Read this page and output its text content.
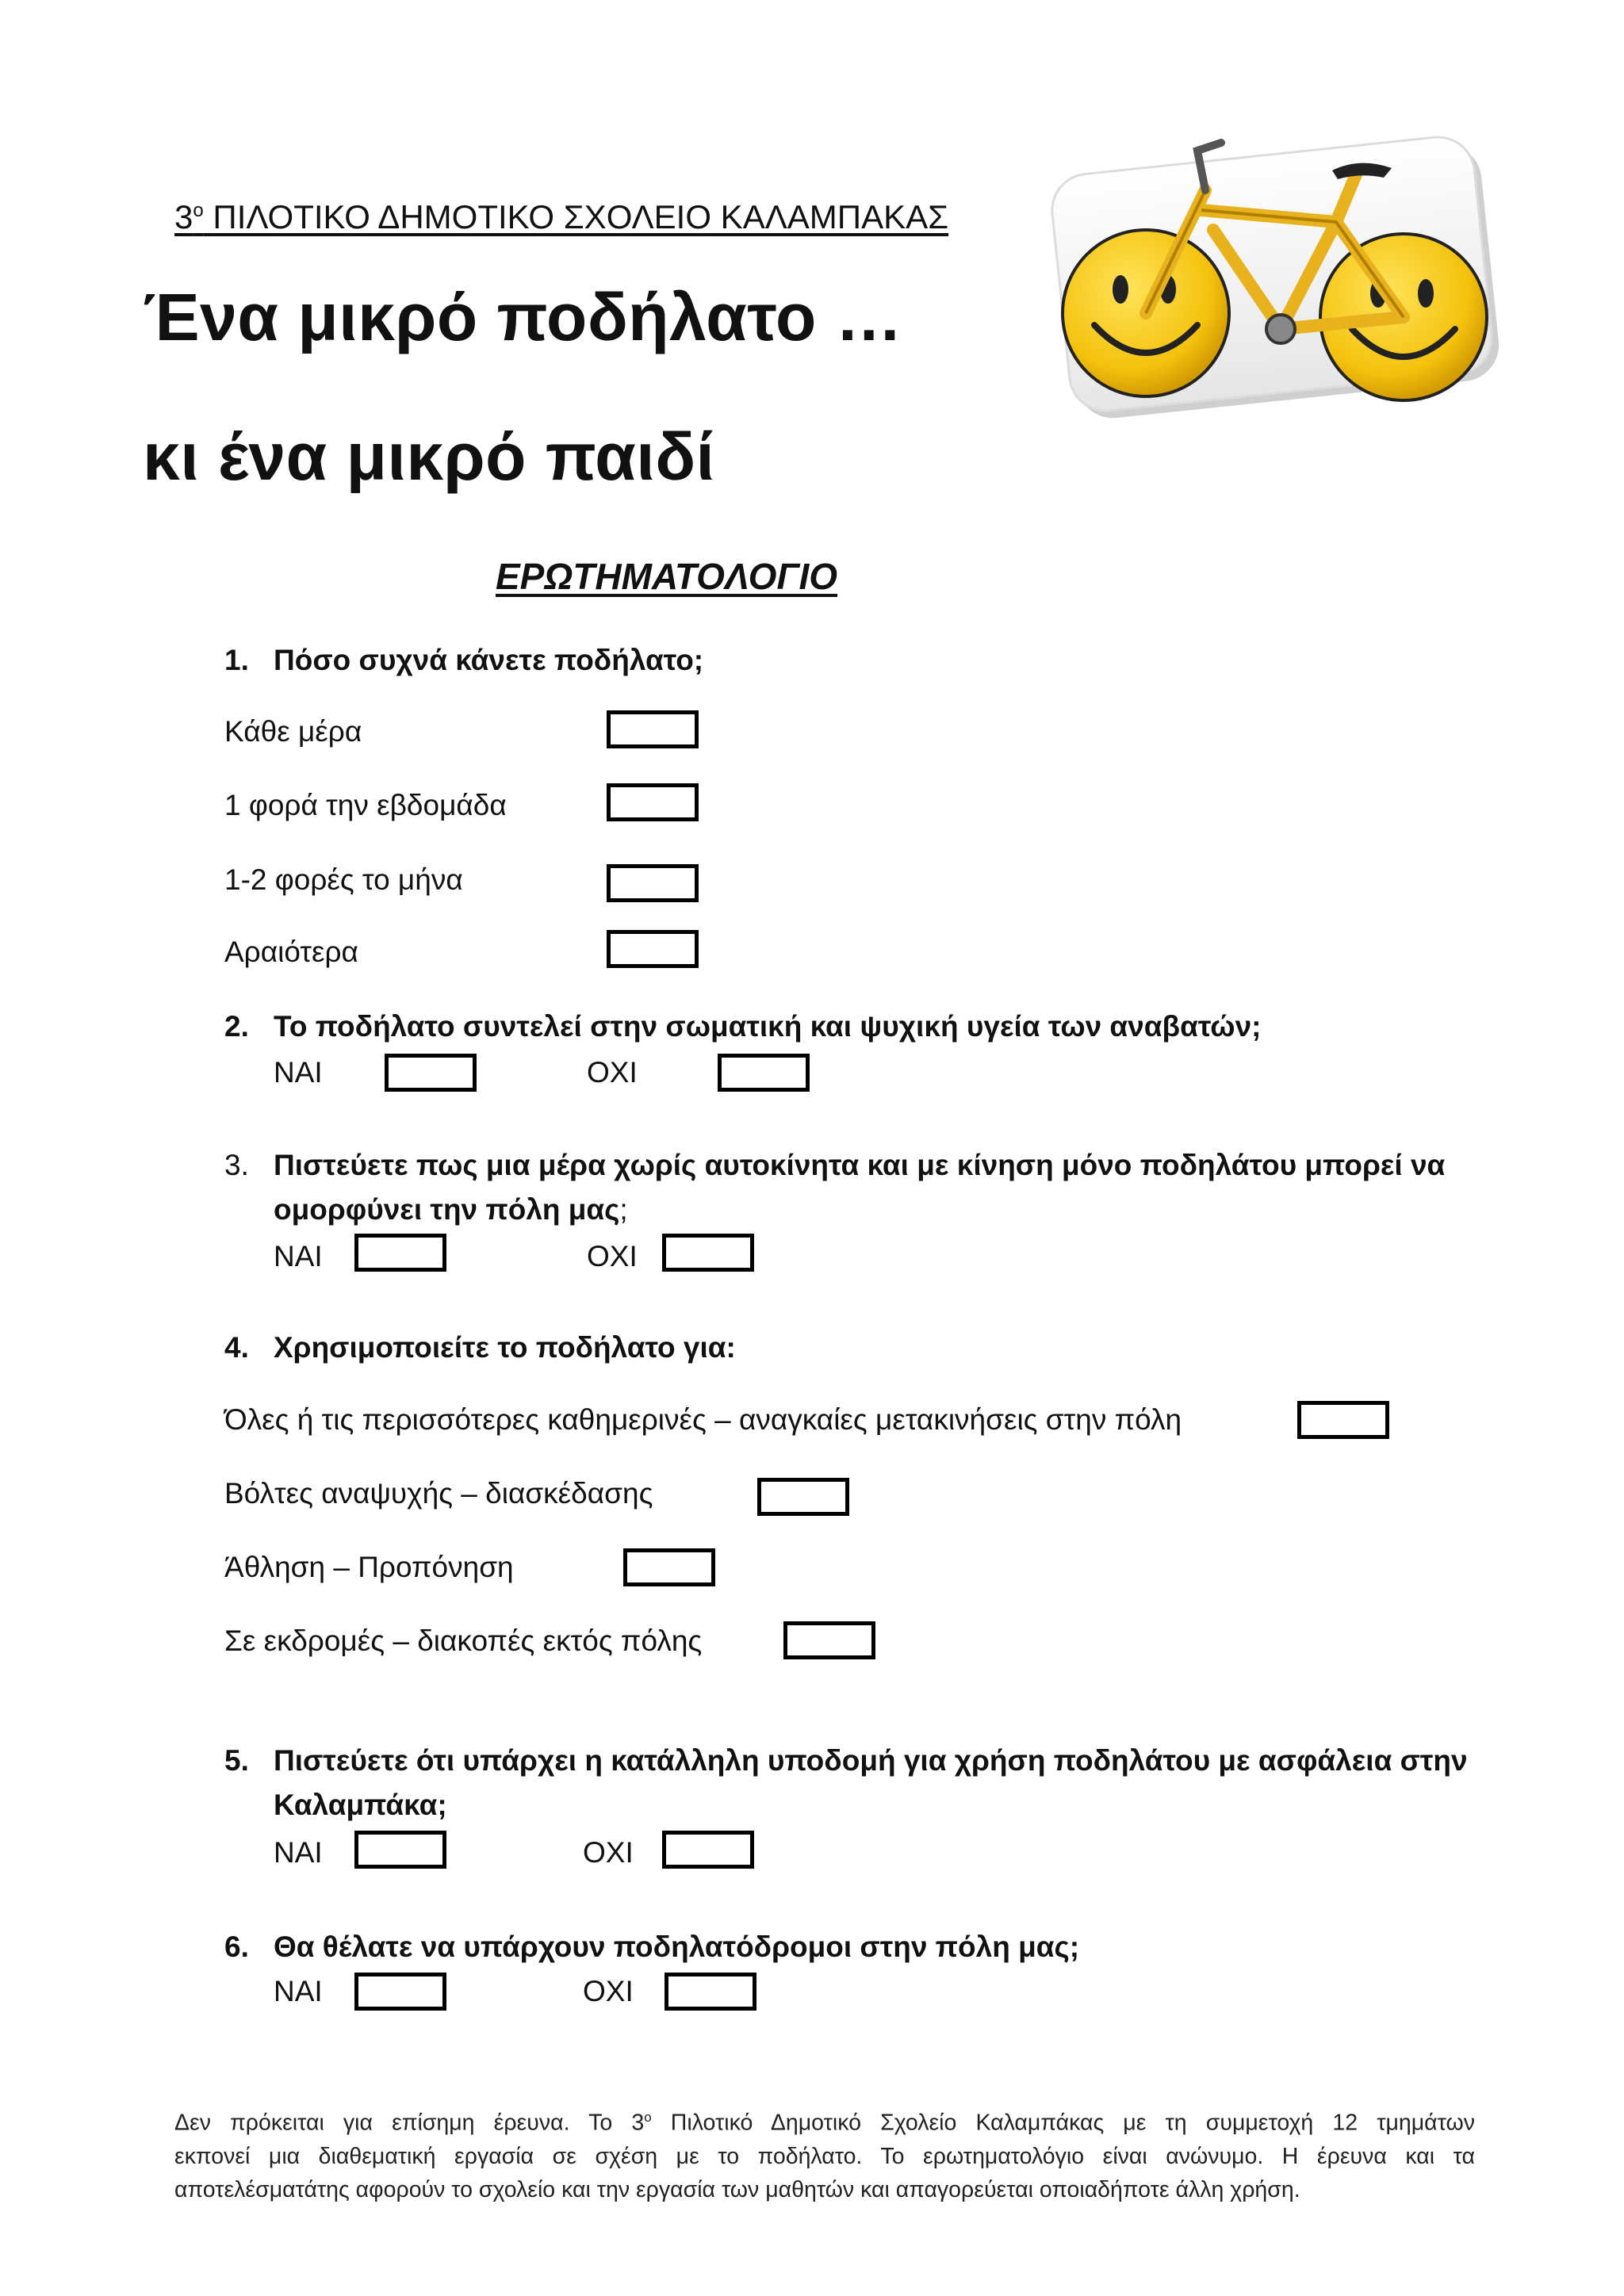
$3^o$ ΠΙΛΟΤΙΚΟ ΔΗΜΟΤΙΚΟ ΣΧΟΛΕΙΟ ΚΑΛΑΜΠΑΚΑΣ
Ένα μικρό ποδήλατο …
κι ένα μικρό παιδί
ΕΡΩΤΗΜΑΤΟΛΟΓΙΟ
1. Πόσο συχνά κάνετε ποδήλατο;
Κάθε μέρα
1 φορά την εβδομάδα
1-2 φορές το μήνα
Αραιότερα
2. Το ποδήλατο συντελεί στην σωματική και ψυχική υγεία των αναβατών;
ΝΑΙ	ΟΧΙ
3. Πιστεύετε πως μια μέρα χωρίς αυτοκίνητα και με κίνηση μόνο ποδηλάτου μπορεί να
ομορφύνει την πόλη μας;
ΝΑΙ	ΟΧΙ
4. Χρησιμοποιείτε το ποδήλατο για:
Όλες ή τις περισσότερες καθημερινές – αναγκαίες μετακινήσεις στην πόλη
Βόλτες αναψυχής – διασκέδασης
Άθληση – Προπόνηση
Σε εκδρομές – διακοπές εκτός πόλης
5. Πιστεύετε ότι υπάρχει η κατάλληλη υποδομή για χρήση ποδηλάτου με ασφάλεια στην
Καλαμπάκα;
ΝΑΙ	ΟΧΙ
6. Θα θέλατε να υπάρχουν ποδηλατόδρομοι στην πόλη μας;
ΝΑΙ	ΟΧΙ
Δεν πρόκειται για επίσημη έρευνα. Το $3^o$ Πιλοτικό Δημοτικό Σχολείο Καλαμπάκας με τη συμμετοχή 12 τμημάτων
εκπονεί μια διαθεματική εργασία σε σχέση με το ποδήλατο. Το ερωτηματολόγιο είναι ανώνυμο. Η έρευνα και τα
αποτελέσματάτης αφορούν το σχολείο και την εργασία των μαθητών και απαγορεύεται οποιαδήποτε άλλη χρήση.
